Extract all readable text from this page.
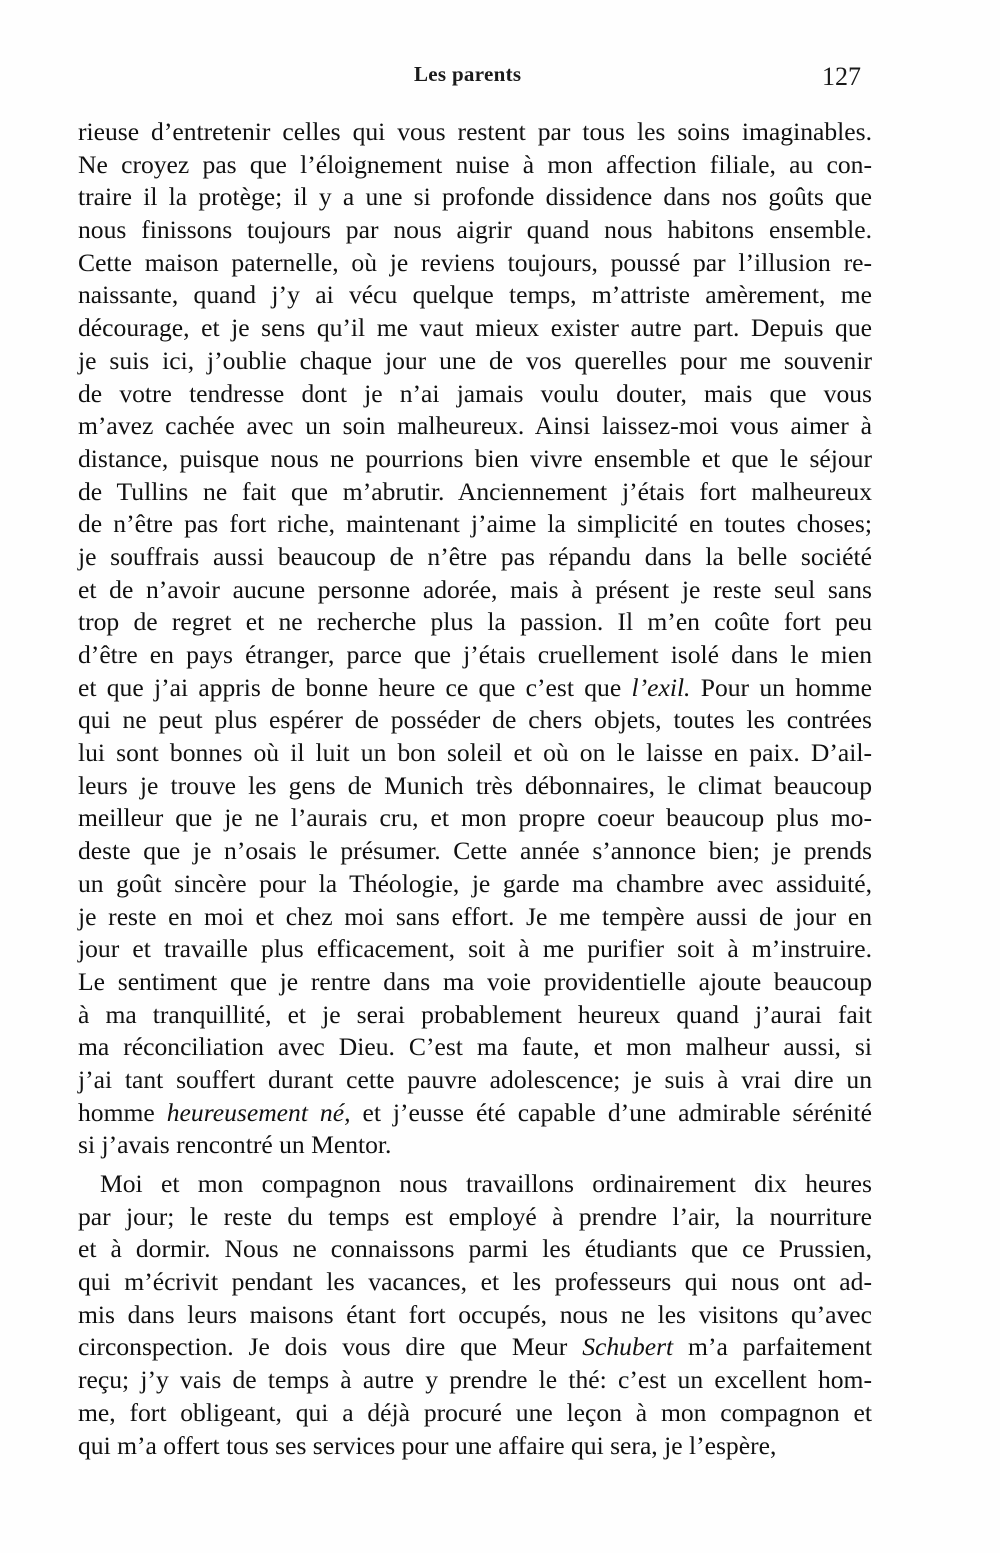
Les parents	127
rieuse d’entretenir celles qui vous restent par tous les soins imaginables.
Ne croyez pas que l’éloignement nuise à mon affection filiale, au con-
traire il la protège; il y a une si profonde dissidence dans nos goûts que
nous finissons toujours par nous aigrir quand nous habitons ensemble.
Cette maison paternelle, où je reviens toujours, poussé par l’illusion re-
naissante, quand j’y ai vécu quelque temps, m’attriste amèrement, me
décourage, et je sens qu’il me vaut mieux exister autre part. Depuis que
je suis ici, j’oublie chaque jour une de vos querelles pour me souvenir
de votre tendresse dont je n’ai jamais voulu douter, mais que vous
m’avez cachée avec un soin malheureux. Ainsi laissez-moi vous aimer à
distance, puisque nous ne pourrions bien vivre ensemble et que le séjour
de Tullins ne fait que m’abrutir. Anciennement j’étais fort malheureux
de n’être pas fort riche, maintenant j’aime la simplicité en toutes choses;
je souffrais aussi beaucoup de n’être pas répandu dans la belle société
et de n’avoir aucune personne adorée, mais à présent je reste seul sans
trop de regret et ne recherche plus la passion. Il m’en coûte fort peu
d’être en pays étranger, parce que j’étais cruellement isolé dans le mien
et que j’ai appris de bonne heure ce que c’est que l’exil. Pour un homme
qui ne peut plus espérer de posséder de chers objets, toutes les contrées
lui sont bonnes où il luit un bon soleil et où on le laisse en paix. D’ail-
leurs je trouve les gens de Munich très débonnaires, le climat beaucoup
meilleur que je ne l’aurais cru, et mon propre coeur beaucoup plus mo-
deste que je n’osais le présumer. Cette année s’annonce bien; je prends
un goût sincère pour la Théologie, je garde ma chambre avec assiduité,
je reste en moi et chez moi sans effort. Je me tempère aussi de jour en
jour et travaille plus efficacement, soit à me purifier soit à m’instruire.
Le sentiment que je rentre dans ma voie providentielle ajoute beaucoup
à ma tranquillité, et je serai probablement heureux quand j’aurai fait
ma réconciliation avec Dieu. C’est ma faute, et mon malheur aussi, si
j’ai tant souffert durant cette pauvre adolescence; je suis à vrai dire un
homme heureusement né, et j’eusse été capable d’une admirable sérénité
si j’avais rencontré un Mentor.
Moi et mon compagnon nous travaillons ordinairement dix heures
par jour; le reste du temps est employé à prendre l’air, la nourriture
et à dormir. Nous ne connaissons parmi les étudiants que ce Prussien,
qui m’écrivit pendant les vacances, et les professeurs qui nous ont ad-
mis dans leurs maisons étant fort occupés, nous ne les visitons qu’avec
circonspection. Je dois vous dire que Meur Schubert m’a parfaitement
reçu; j’y vais de temps à autre y prendre le thé: c’est un excellent hom-
me, fort obligeant, qui a déjà procuré une leçon à mon compagnon et
qui m’a offert tous ses services pour une affaire qui sera, je l’espère,
